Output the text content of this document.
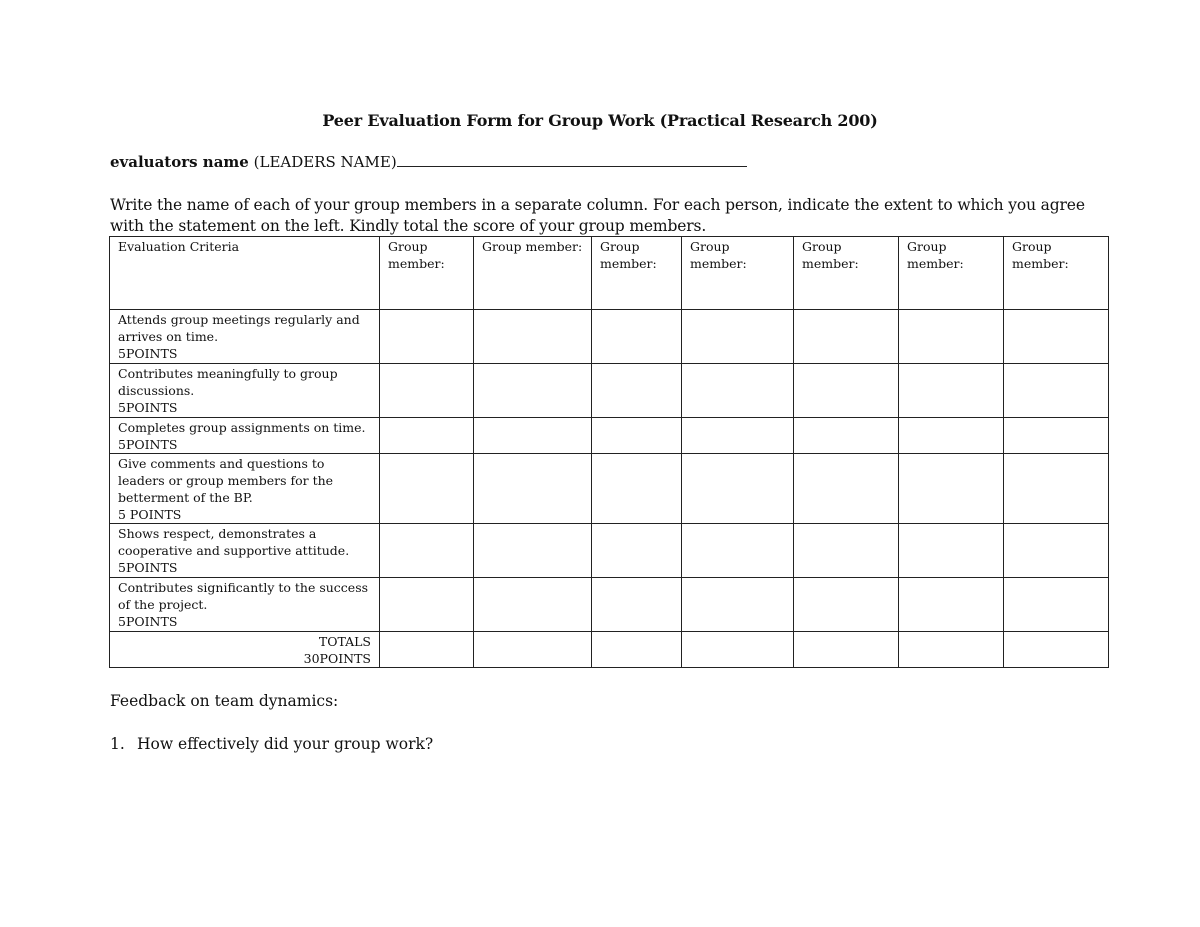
Peer Evaluation Form for Group Work (Practical Research 200)
evaluators name (LEADERS NAME)
Write the name of each of your group members in a separate column. For each person, indicate the extent to which you agree with the statement on the left. Kindly total the score of your group members.
Evaluation Criteria	Group member:	Group member:	Group member:	Group member:	Group member:	Group member:	Group member:

Attends group meetings regularly and arrives on time.
5POINTS							

Contributes meaningfully to group discussions.
5POINTS							

Completes group assignments on time.
5POINTS							

Give comments and questions to leaders or group members for the betterment of the BP.
5 POINTS							

Shows respect, demonstrates a cooperative and supportive attitude.
5POINTS							

Contributes significantly to the success of the project.
5POINTS							

TOTALS
30POINTS							

Feedback on team dynamics:
1. How effectively did your group work?
